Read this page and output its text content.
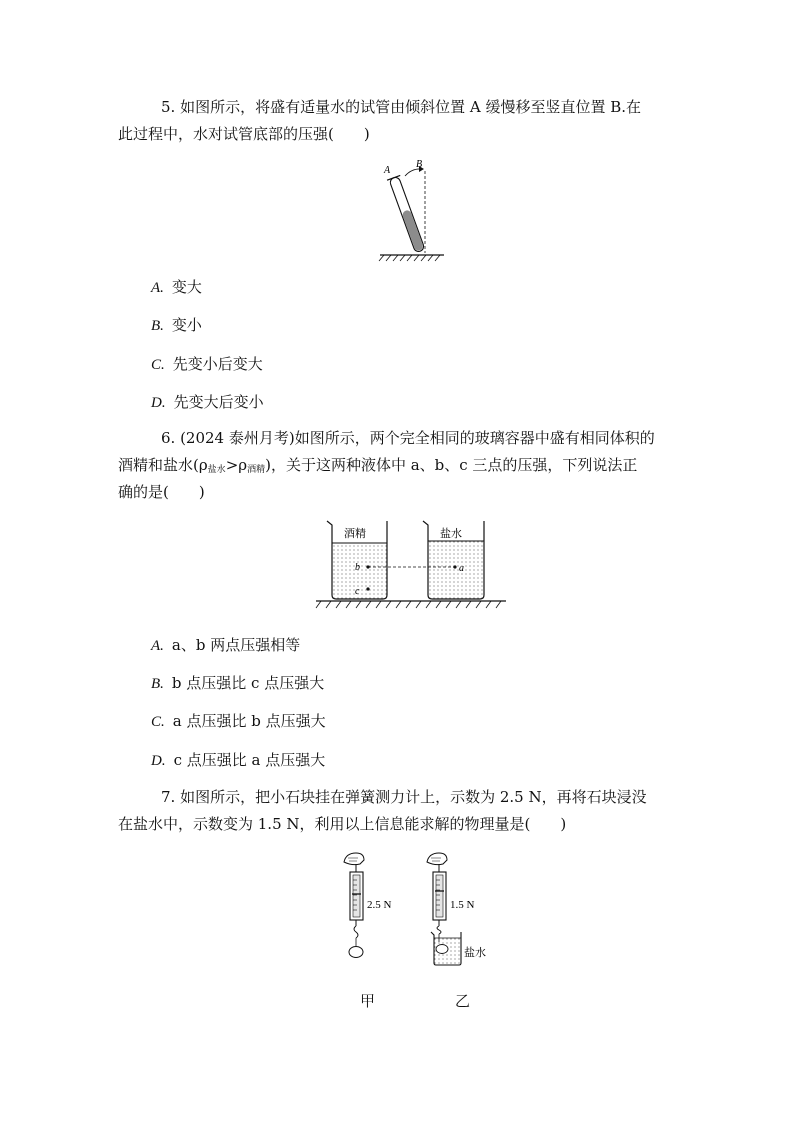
5. 如图所示，将盛有适量水的试管由倾斜位置 A 缓慢移至竖直位置 B.在
此过程中，水对试管底部的压强(　　)
A
B
A. 变大
B. 变小
C. 先变小后变大
D. 先变大后变小
6. (2024 泰州月考)如图所示，两个完全相同的玻璃容器中盛有相同体积的
酒精和盐水$(\rho_{盐水}>\rho_{酒精})$，关于这两种液体中 a、b、c 三点的压强，下列说法正
确的是(　　)
酒精	盐水
b	a
c
A. a、b 两点压强相等
B. b 点压强比 c 点压强大
C. a 点压强比 b 点压强大
D. c 点压强比 a 点压强大
7. 如图所示，把小石块挂在弹簧测力计上，示数为 2.5 N，再将石块浸没
在盐水中，示数变为 1.5 N，利用以上信息能求解的物理量是(　　)
2.5 N	1.5 N
盐水
甲	乙
